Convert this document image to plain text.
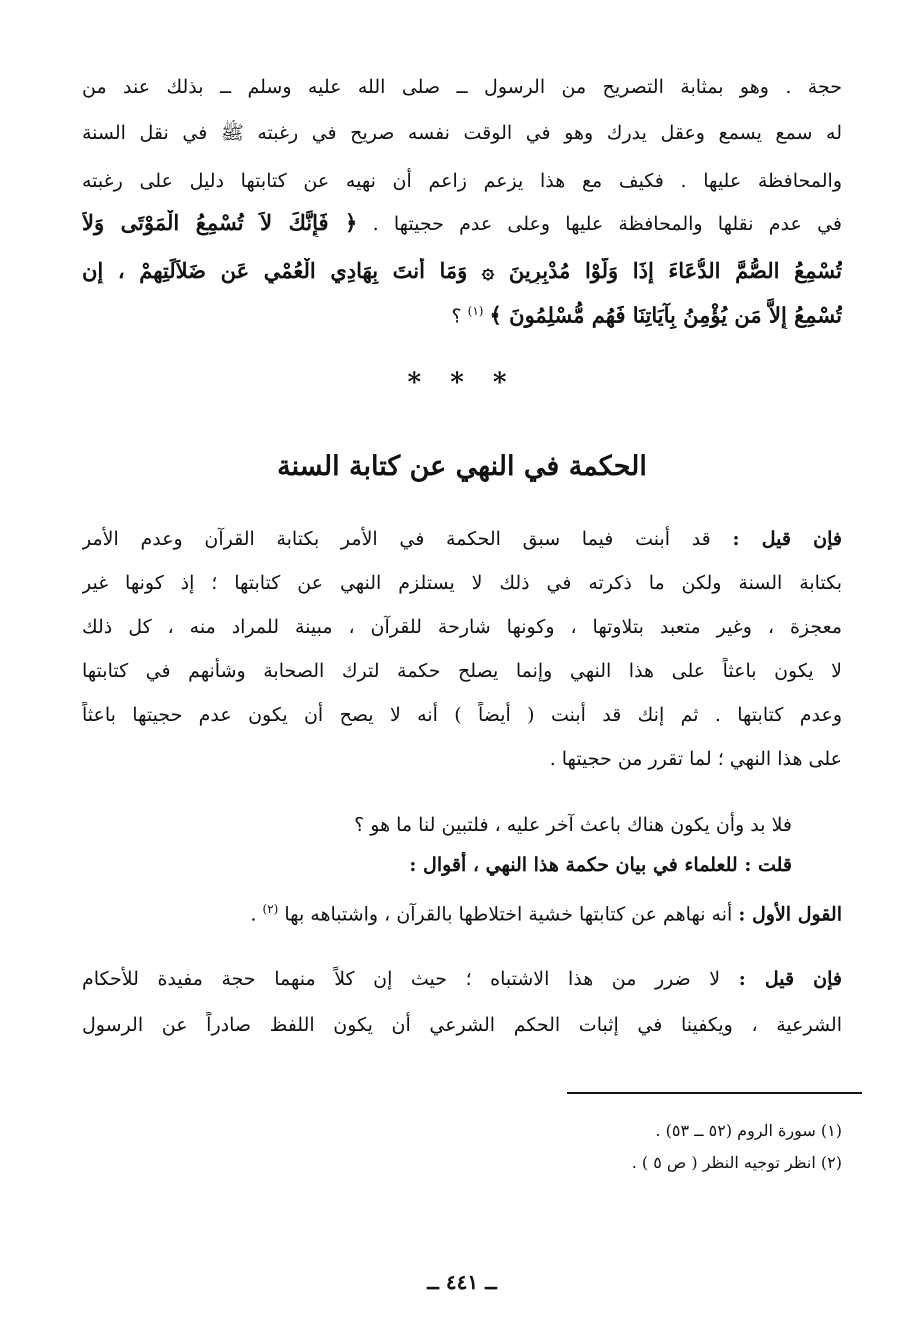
حجة . وهو بمثابة التصريح من الرسول ــ صلى الله عليه وسلم ــ بذلك عند من
له سمع يسمع وعقل يدرك وهو في الوقت نفسه صريح في رغبته ﷺ في نقل السنة
والمحافظة عليها . فكيف مع هذا يزعم زاعم أن نهيه عن كتابتها دليل على رغبته
في عدم نقلها والمحافظة عليها وعلى عدم حجيتها . ﴿ فَإِنَّكَ لاَ تُسْمِعُ الْمَوْتَى وَلاَ
تُسْمِعُ الصُّمَّ الدُّعَاءَ إِذَا وَلَّوْا مُدْبِرِينَ ۞ وَمَا أَنتَ بِهَادِي الْعُمْيِ عَن ضَلاَلَتِهِمْ ، إِن
تُسْمِعُ إِلاَّ مَن يُؤْمِنُ بِآيَاتِنَا فَهُم مُّسْلِمُونَ ﴾ $^{(١)}$ ؟
* * *
الحكمة في النهي عن كتابة السنة
فإن قيل : قد أبنت فيما سبق الحكمة في الأمر بكتابة القرآن وعدم الأمر
بكتابة السنة ولكن ما ذكرته في ذلك لا يستلزم النهي عن كتابتها ؛ إذ كونها غير
معجزة ، وغير متعبد بتلاوتها ، وكونها شارحة للقرآن ، مبينة للمراد منه ، كل ذلك
لا يكون باعثاً على هذا النهي وإنما يصلح حكمة لترك الصحابة وشأنهم في كتابتها
وعدم كتابتها . ثم إنك قد أبنت ( أيضاً ) أنه لا يصح أن يكون عدم حجيتها باعثاً
على هذا النهي ؛ لما تقرر من حجيتها .
فلا بد وأن يكون هناك باعث آخر عليه ، فلتبين لنا ما هو ؟
قلت : للعلماء في بيان حكمة هذا النهي ، أقوال :
القول الأول : أنه نهاهم عن كتابتها خشية اختلاطها بالقرآن ، واشتباهه بها $^{(٢)}$ .
فإن قيل : لا ضرر من هذا الاشتباه ؛ حيث إن كلاً منهما حجة مفيدة للأحكام
الشرعية ، ويكفينا في إثبات الحكم الشرعي أن يكون اللفظ صادراً عن الرسول
(١) سورة الروم (٥٢ ــ ٥٣) .
(٢) انظر توجيه النظر ( ص ٥ ) .
ــ ٤٤١ ــ
